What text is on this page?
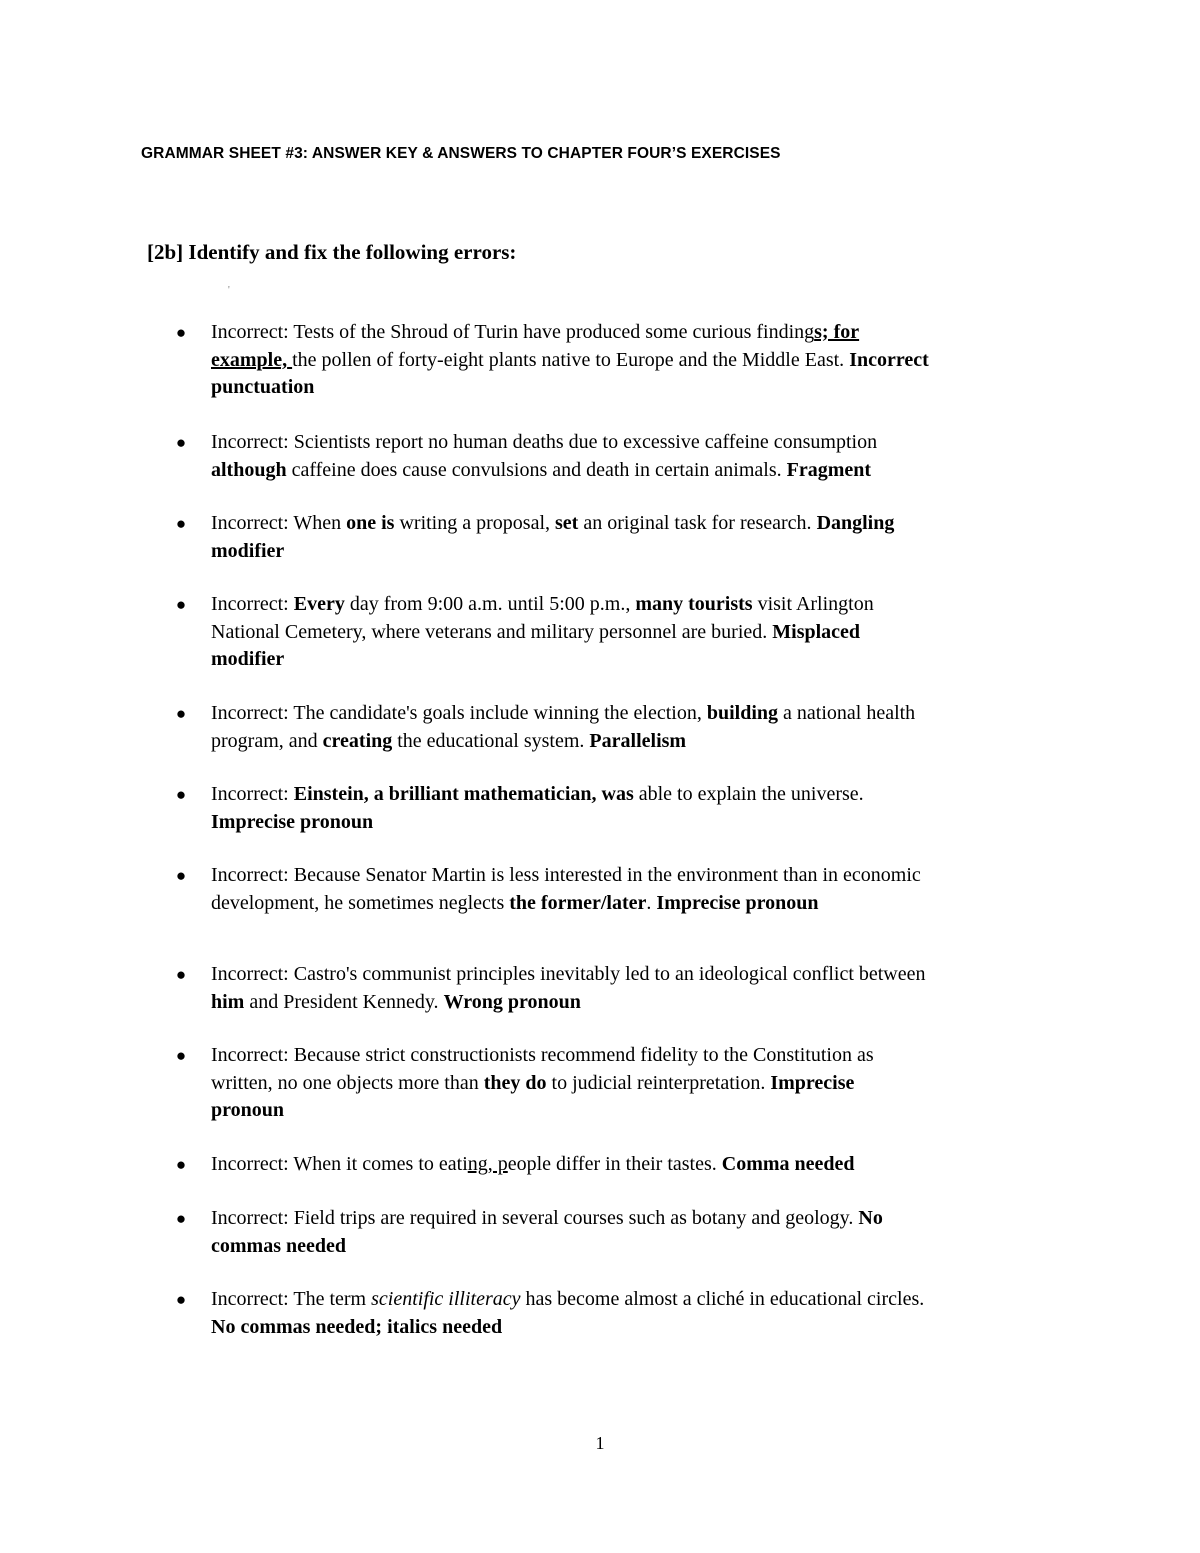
GRAMMAR SHEET #3: ANSWER KEY & ANSWERS TO CHAPTER FOUR’S EXERCISES
[2b] Identify and fix the following errors:
'
● Incorrect: Tests of the Shroud of Turin have produced some curious findings; for
example, the pollen of forty-eight plants native to Europe and the Middle East. Incorrect
punctuation
● Incorrect: Scientists report no human deaths due to excessive caffeine consumption
although caffeine does cause convulsions and death in certain animals. Fragment
● Incorrect: When one is writing a proposal, set an original task for research. Dangling
modifier
● Incorrect: Every day from 9:00 a.m. until 5:00 p.m., many tourists visit Arlington
National Cemetery, where veterans and military personnel are buried. Misplaced
modifier
● Incorrect: The candidate's goals include winning the election, building a national health
program, and creating the educational system. Parallelism
● Incorrect: Einstein, a brilliant mathematician, was able to explain the universe.
Imprecise pronoun
● Incorrect: Because Senator Martin is less interested in the environment than in economic
development, he sometimes neglects the former/later. Imprecise pronoun
● Incorrect: Castro's communist principles inevitably led to an ideological conflict between
him and President Kennedy. Wrong pronoun
● Incorrect: Because strict constructionists recommend fidelity to the Constitution as
written, no one objects more than they do to judicial reinterpretation. Imprecise
pronoun
● Incorrect: When it comes to eating, people differ in their tastes. Comma needed
● Incorrect: Field trips are required in several courses such as botany and geology. No
commas needed
● Incorrect: The term scientific illiteracy has become almost a cliché in educational circles.
No commas needed; italics needed
1
